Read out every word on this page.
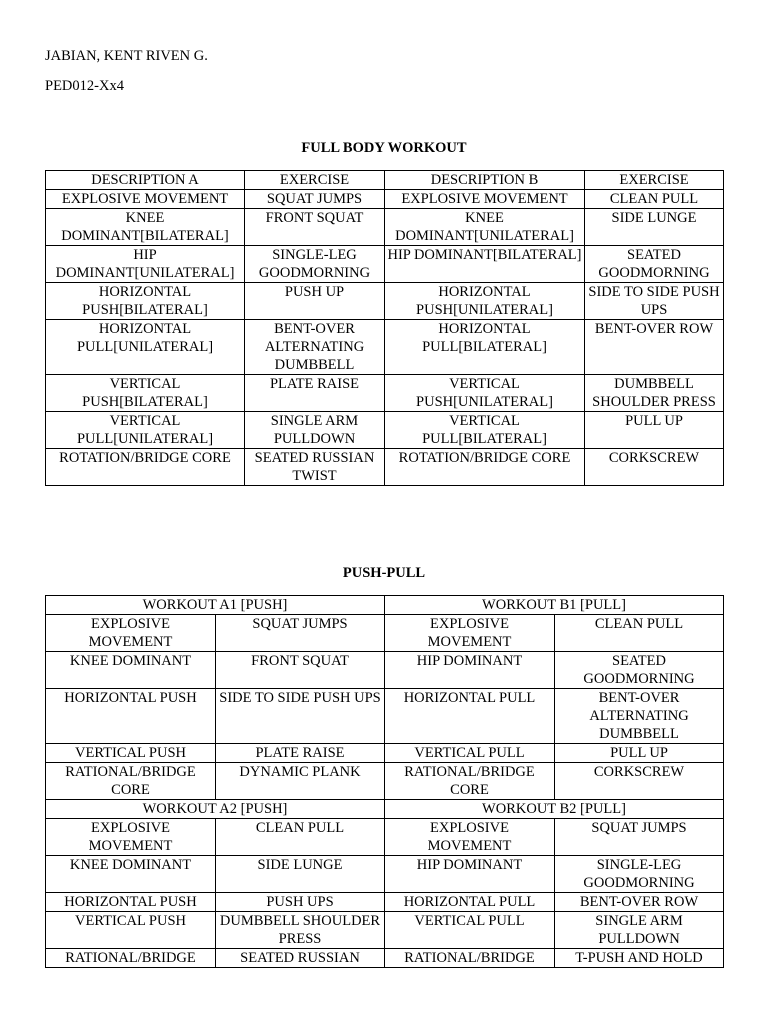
JABIAN, KENT RIVEN G.

PED012-Xx4

FULL BODY WORKOUT

DESCRIPTION A	EXERCISE	DESCRIPTION B	EXERCISE
EXPLOSIVE MOVEMENT	SQUAT JUMPS	EXPLOSIVE MOVEMENT	CLEAN PULL
KNEE DOMINANT[BILATERAL]	FRONT SQUAT	KNEE DOMINANT[UNILATERAL]	SIDE LUNGE
HIP DOMINANT[UNILATERAL]	SINGLE-LEG GOODMORNING	HIP DOMINANT[BILATERAL]	SEATED GOODMORNING
HORIZONTAL PUSH[BILATERAL]	PUSH UP	HORIZONTAL PUSH[UNILATERAL]	SIDE TO SIDE PUSH UPS
HORIZONTAL PULL[UNILATERAL]	BENT-OVER ALTERNATING DUMBBELL	HORIZONTAL PULL[BILATERAL]	BENT-OVER ROW
VERTICAL PUSH[BILATERAL]	PLATE RAISE	VERTICAL PUSH[UNILATERAL]	DUMBBELL SHOULDER PRESS
VERTICAL PULL[UNILATERAL]	SINGLE ARM PULLDOWN	VERTICAL PULL[BILATERAL]	PULL UP
ROTATION/BRIDGE CORE	SEATED RUSSIAN TWIST	ROTATION/BRIDGE CORE	CORKSCREW

PUSH-PULL

WORKOUT A1 [PUSH]		WORKOUT B1 [PULL]	
EXPLOSIVE MOVEMENT	SQUAT JUMPS	EXPLOSIVE MOVEMENT	CLEAN PULL
KNEE DOMINANT	FRONT SQUAT	HIP DOMINANT	SEATED GOODMORNING
HORIZONTAL PUSH	SIDE TO SIDE PUSH UPS	HORIZONTAL PULL	BENT-OVER ALTERNATING DUMBBELL
VERTICAL PUSH	PLATE RAISE	VERTICAL PULL	PULL UP
RATIONAL/BRIDGE CORE	DYNAMIC PLANK	RATIONAL/BRIDGE CORE	CORKSCREW
WORKOUT A2 [PUSH]		WORKOUT B2 [PULL]	
EXPLOSIVE MOVEMENT	CLEAN PULL	EXPLOSIVE MOVEMENT	SQUAT JUMPS
KNEE DOMINANT	SIDE LUNGE	HIP DOMINANT	SINGLE-LEG GOODMORNING
HORIZONTAL PUSH	PUSH UPS	HORIZONTAL PULL	BENT-OVER ROW
VERTICAL PUSH	DUMBBELL SHOULDER PRESS	VERTICAL PULL	SINGLE ARM PULLDOWN
RATIONAL/BRIDGE	SEATED RUSSIAN	RATIONAL/BRIDGE	T-PUSH AND HOLD
